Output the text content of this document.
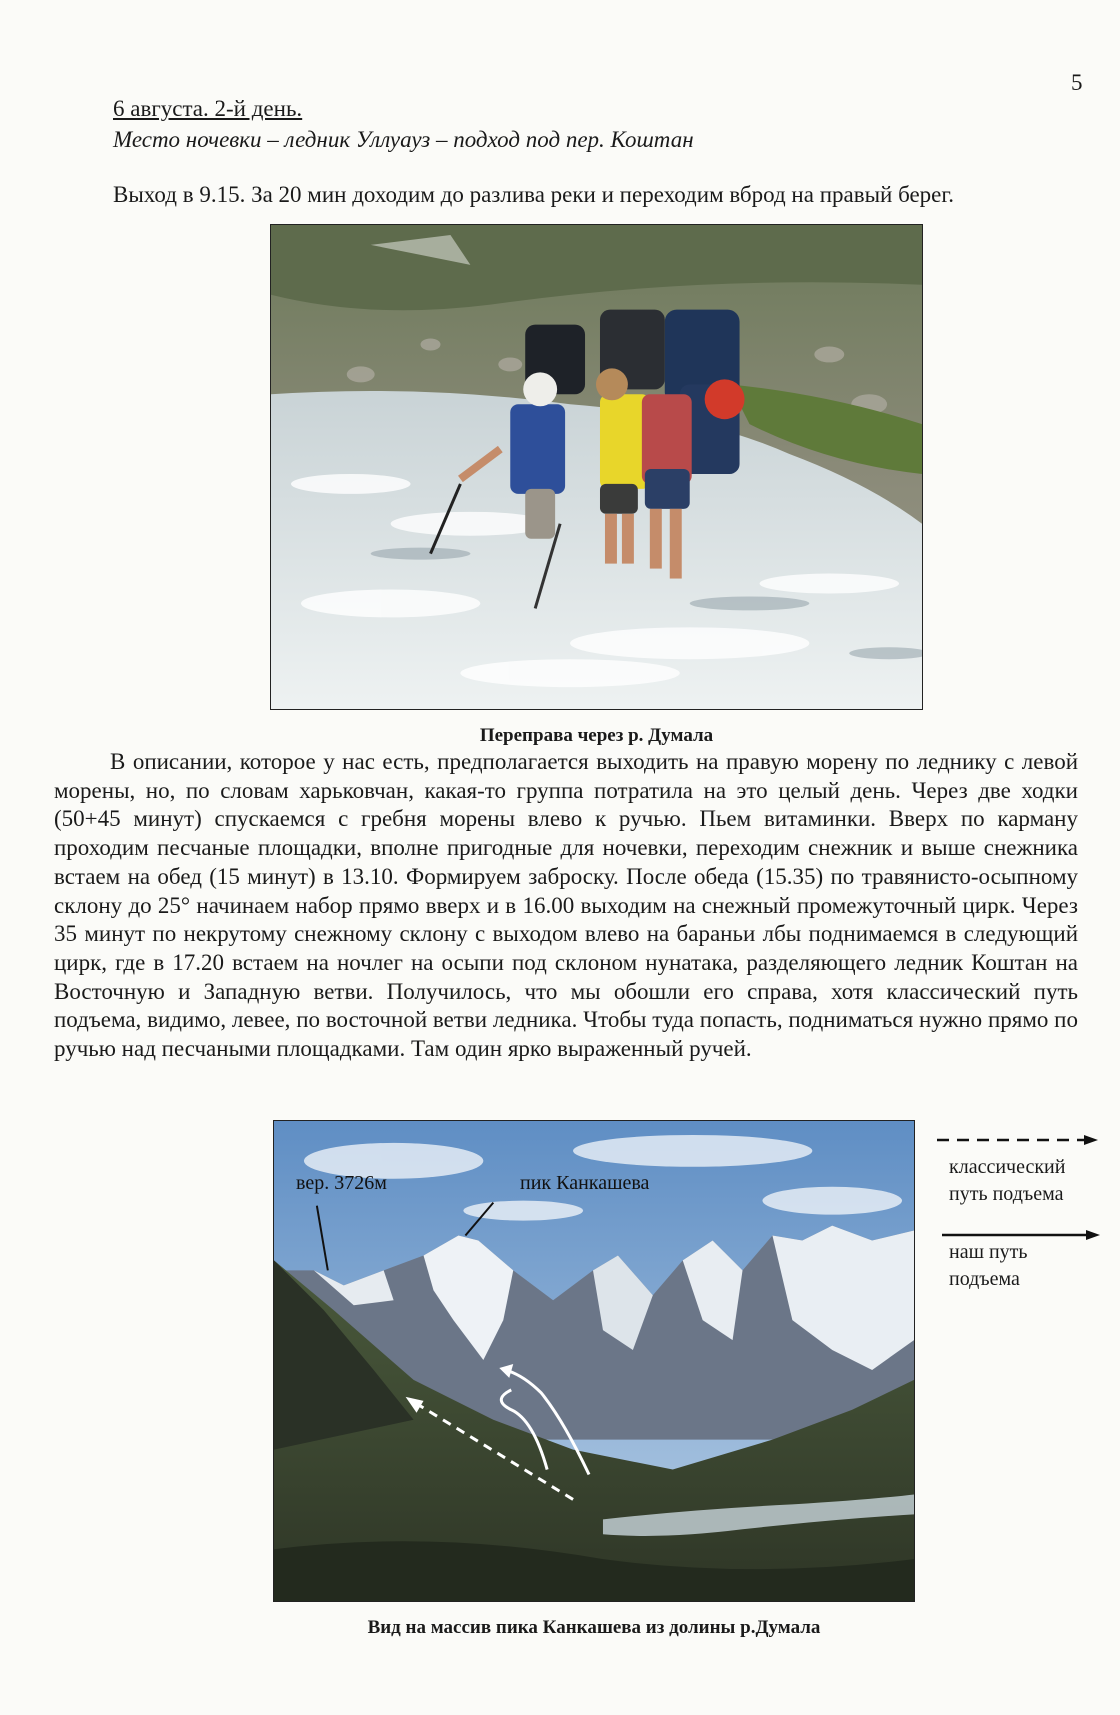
5
6 августа. 2-й день.
Место ночевки – ледник Уллуауз – подход под пер. Коштан
Выход в 9.15. За 20 мин доходим до разлива реки и переходим вброд на правый берег.
Переправа через р. Думала

В описании, которое у нас есть, предполагается выходить на правую морену по леднику с левой морены, но, по словам харьковчан, какая-то группа потратила на это целый день. Через две ходки (50+45 минут) спускаемся с гребня морены влево к ручью. Пьем витаминки. Вверх по карману проходим песчаные площадки, вполне пригодные для ночевки, переходим снежник и выше снежника встаем на обед (15 минут) в 13.10. Формируем заброску. После обеда (15.35) по травянисто-осыпному склону до 25° начинаем набор прямо вверх и в 16.00 выходим на снежный промежуточный цирк. Через 35 минут по некрутому снежному склону с выходом влево на бараньи лбы поднимаемся в следующий цирк, где в 17.20 встаем на ночлег на осыпи под склоном нунатака, разделяющего ледник Коштан на Восточную и Западную ветви. Получилось, что мы обошли его справа, хотя классический путь подъема, видимо, левее, по восточной ветви ледника. Чтобы туда попасть, подниматься нужно прямо по ручью над песчаными площадками. Там один ярко выраженный ручей.

вер. 3726м	пик Канкашева
Вид на массив пика Канкашева из долины р.Думала
классический
путь подъема
наш путь
подъема
